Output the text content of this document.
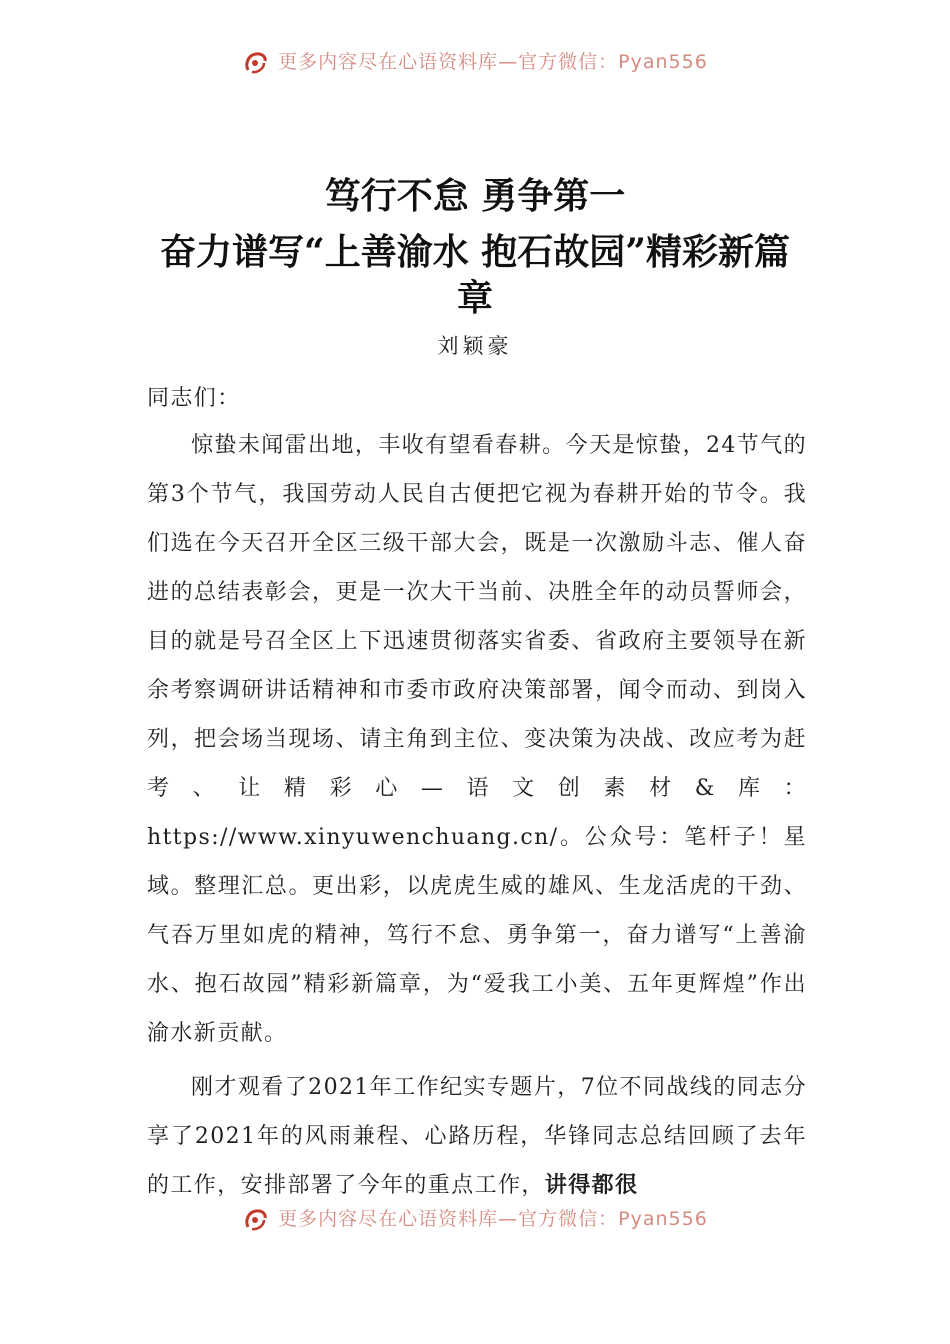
更多内容尽在心语资料库—官方微信：Pyan556
笃行不怠 勇争第一
奋力谱写“上善渝水 抱石故园”精彩新篇
章
刘颖豪

同志们：

惊蛰未闻雷出地，丰收有望看春耕。今天是惊蛰，24节气的第3个节气，我国劳动人民自古便把它视为春耕开始的节令。我们选在今天召开全区三级干部大会，既是一次激励斗志、催人奋进的总结表彰会，更是一次大干当前、决胜全年的动员誓师会，目的就是号召全区上下迅速贯彻落实省委、省政府主要领导在新余考察调研讲话精神和市委市政府决策部署，闻令而动、到岗入列，把会场当现场、请主角到主位、变决策为决战、改应考为赶考、让精彩心—语文创素材&库：https://www.xinyuwenchuang.cn/。公众号：笔杆子！星域。整理汇总。更出彩，以虎虎生威的雄风、生龙活虎的干劲、气吞万里如虎的精神，笃行不怠、勇争第一，奋力谱写“上善渝水、抱石故园”精彩新篇章，为“爱我工小美、五年更辉煌”作出渝水新贡献。

刚才观看了2021年工作纪实专题片，7位不同战线的同志分享了2021年的风雨兼程、心路历程，华锋同志总结回顾了去年的工作，安排部署了今年的重点工作，讲得都很

更多内容尽在心语资料库—官方微信：Pyan556
